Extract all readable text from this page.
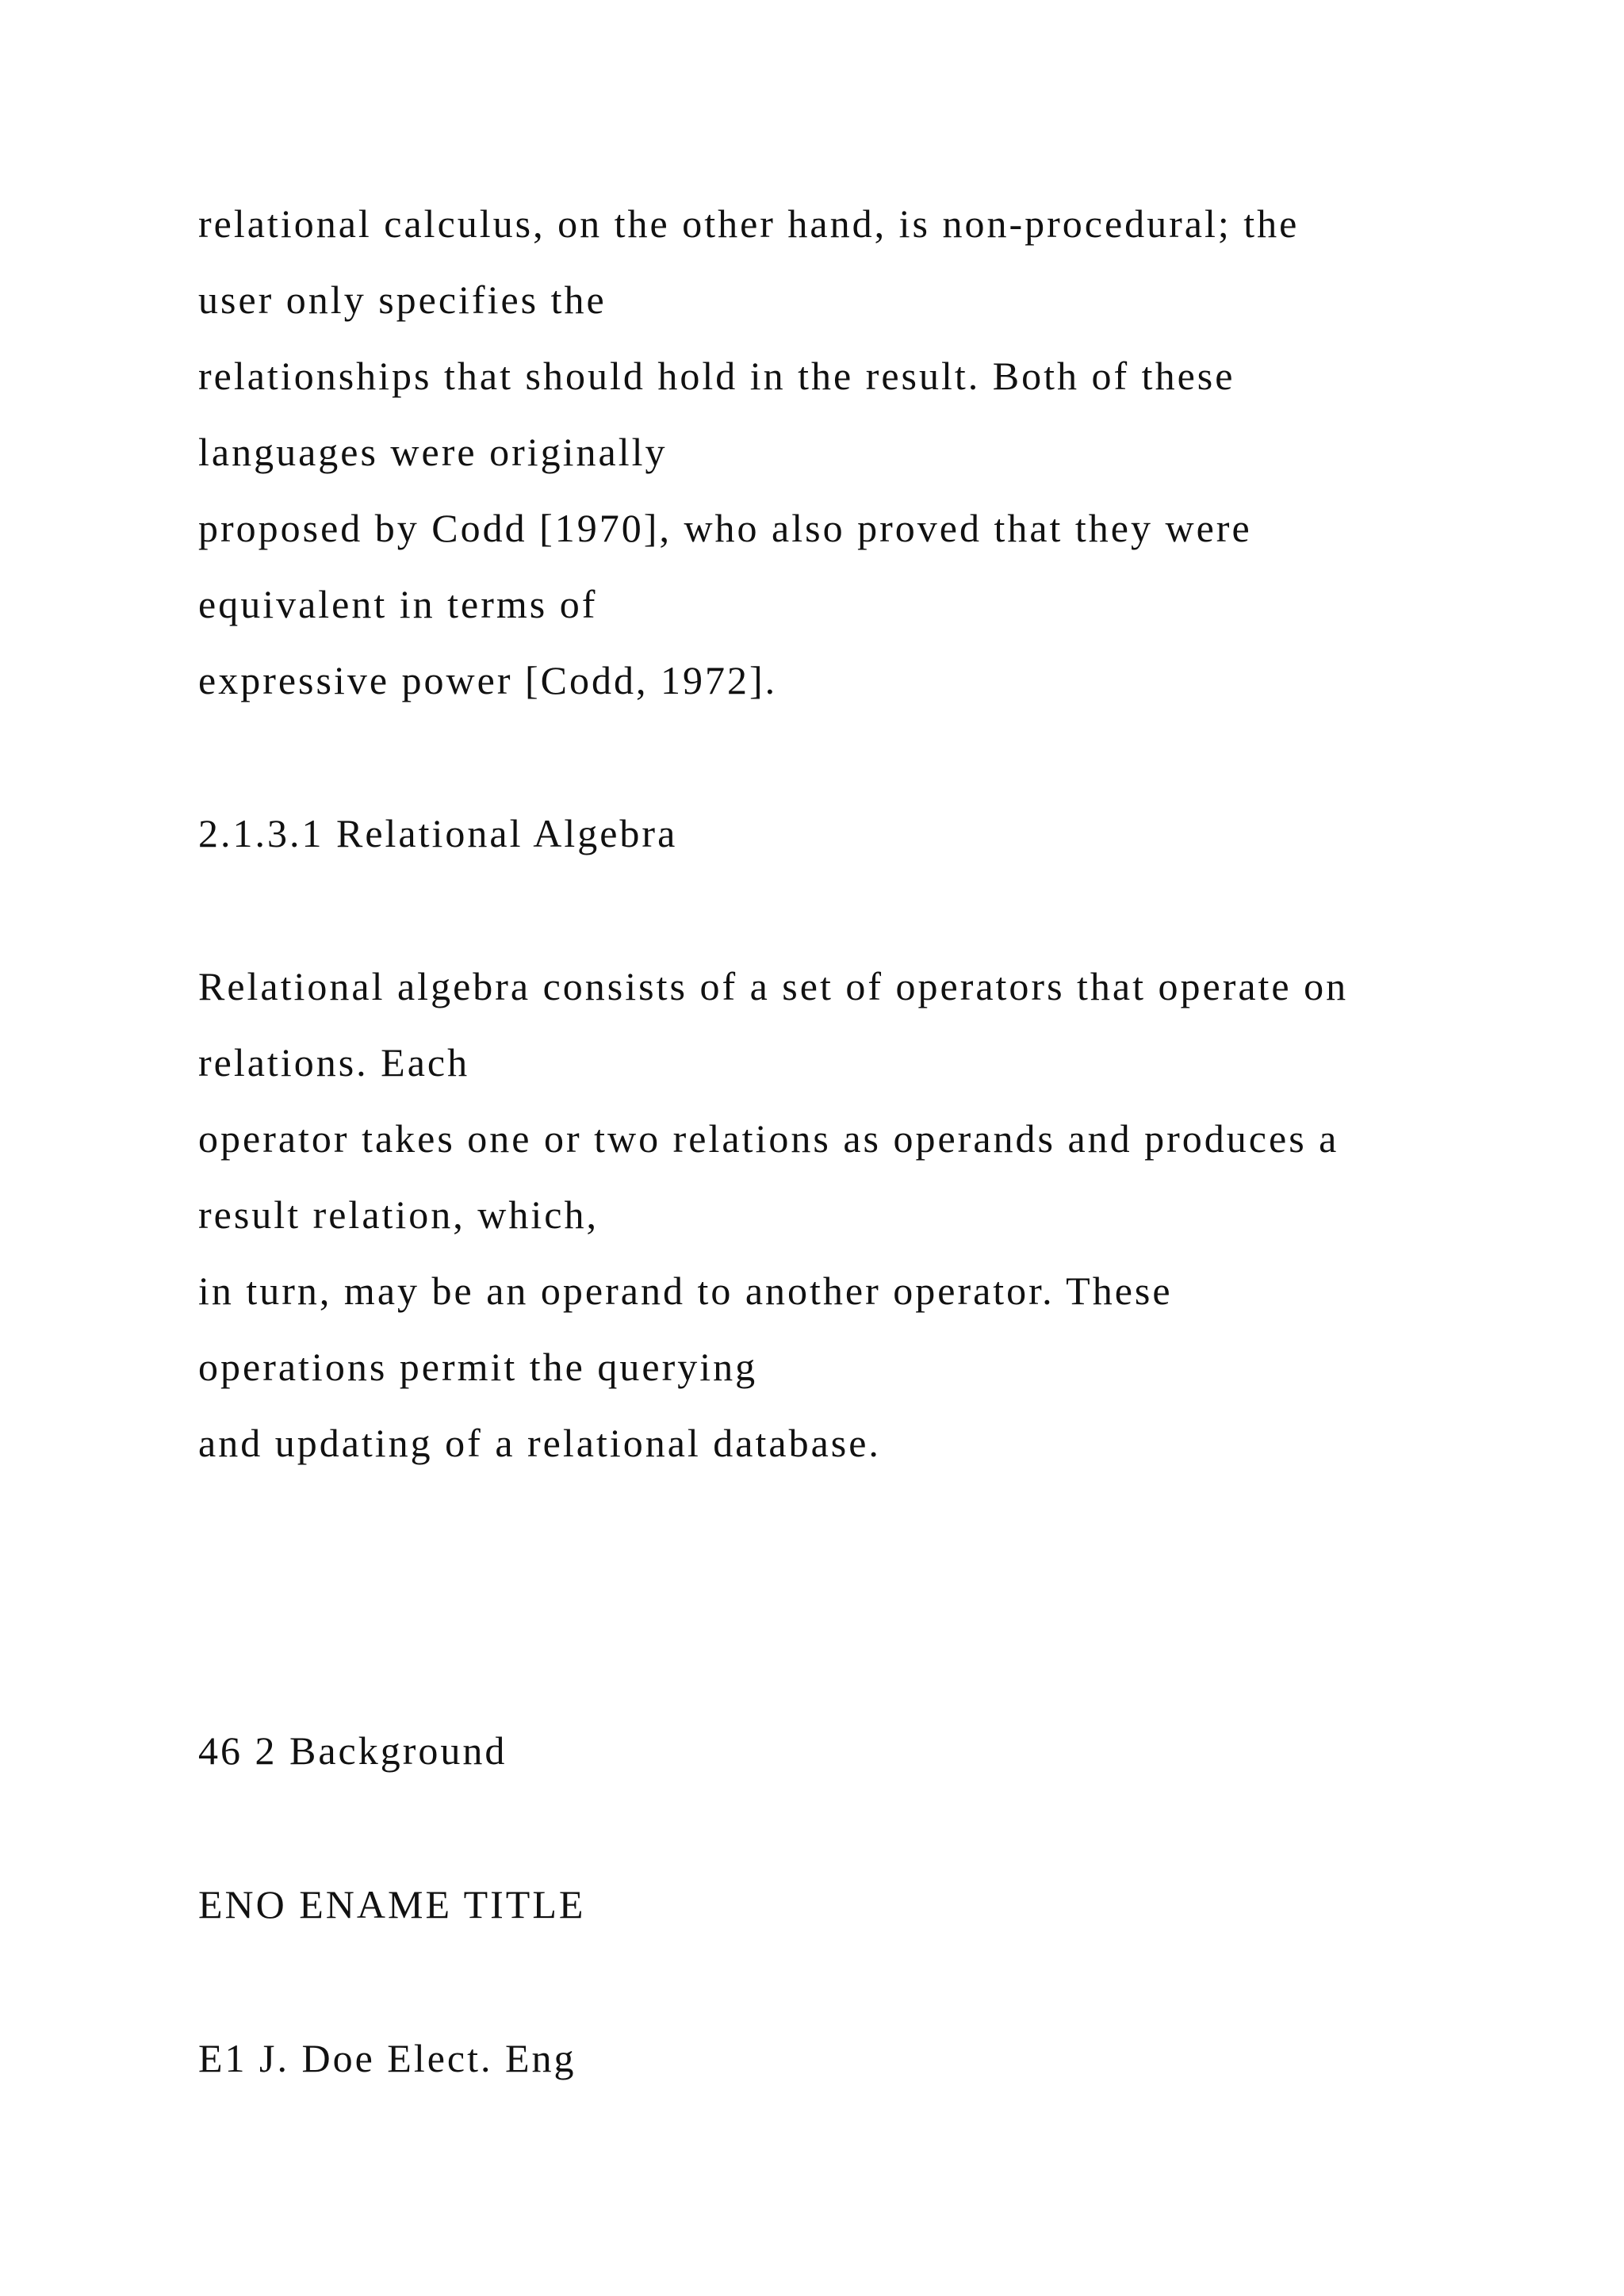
relational calculus, on the other hand, is non-procedural; the

user only specifies the

relationships that should hold in the result. Both of these

languages were originally

proposed by Codd [1970], who also proved that they were

equivalent in terms of

expressive power [Codd, 1972].

2.1.3.1 Relational Algebra

Relational algebra consists of a set of operators that operate on

relations. Each

operator takes one or two relations as operands and produces a

result relation, which,

in turn, may be an operand to another operator. These

operations permit the querying

and updating of a relational database.

46 2 Background

ENO ENAME TITLE

E1 J. Doe Elect. Eng
